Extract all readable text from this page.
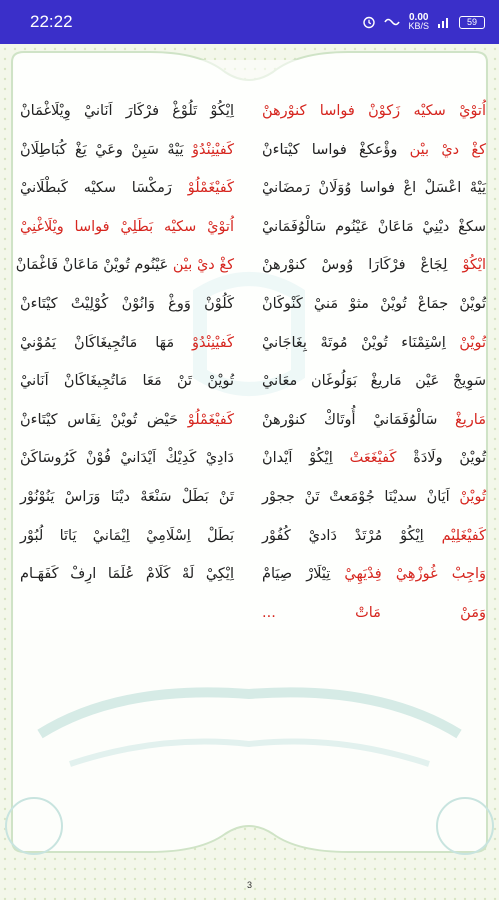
22:22	0.00
KB/S	59
اُتوْيْ سكيْه زَكوْنْ فواسا كنوْرهنْ
كغْ ديْ بيْن وؤْعكغْ فواسا كيْتاءنْ
يَيْهْ اعْسَلْ اعْ فواسا وُوَلَانْ رَمضَانيْ
سكغْ ديْنِيْ مَاعَانْ عَيْنُوم سَالْوُفَمَانيْ
ايْكُوْ لِجَاعْ فرْكَارَا وُوسْ كنوْرهنْ
تُويْنْ جمَاعْ تُويْنْ مثوْ مَنيْ كَنْوكَانْ
تُويْنْ اِسْتِمْنَاء تُويْنْ مُوتَهْ بِغَاجَانيْ
سَوِيجْ عَيْن مَاريغْ بَوَلُوغَان معَانيْ
مَاريغْ سَالْوُفَمَانيْ أُوتَاكْ كنوْرهنْ
تُويْنْ ولَادَةْ كَفيْغَعَتْ اِيْكُوْ اَيْدانْ
تُويْنْ اَيَانْ سديْنَا جُوْمَعتْ تَنْ ججوْر
كَفيْغَلِيْم اِيْكُوْ مُرْتَدْ دَاديْ كُفُوْر
وَاجِبْ غُوزْهِيْ فِدْيَهِيْ تِيْلَارْ صِيَامْ
وَمَنْ مَاتْ ...
اِيْكُوْ تَلُوْغْ فرْكَارَ اَنَانيْ وِيْلَاغْمَانْ
كَفيْنِنْدُوْ يَيْهْ سَبِنْ وعَيْ يَغْ كُبَاطِلَانْ
كَفيْغَمْلُوْ رَمكْسَا سكيْه كَبطْلَانيْ
اُتوْيْ سكيْه بَطَلِيْ فواسا ويْلَاغْنِيْ
كغْ ديْ بيْن عَيْنُوم تُويْنْ مَاعَانْ فَاغْمَانْ
كَلُوْنْ وَوغْ وَانُوْنْ كُوْلِيْتْ كيْتَاءنْ
كَفيْنِنْدُوْ مَهَا مَاتُجِيغَاكَانْ يَمُوْنيْ
تُويْنْ تَنْ مَعَا مَاتُجِيغَاكَانْ اَنَانيْ
كَفيْغَمْلُوْ حَيْض تُويْنْ نِفَاس كيْتَاءنْ
دَادِيْ كَدِيْكْ اَيْدَانيْ فُوْنْ كَرُوسَاكَنْ
تَنْ بَطَلْ سَنْعَهْ ديْنَا وَرَاسْ يَنُوْنُوْر
بَطَلْ اِسْلَامِيْ اِيْمَانيْ يَاتَا لُبُوْر
اِيْكِيْ لَهْ كَلَامْ عُلَمَا ارِفْ كَفَهَـام
3
